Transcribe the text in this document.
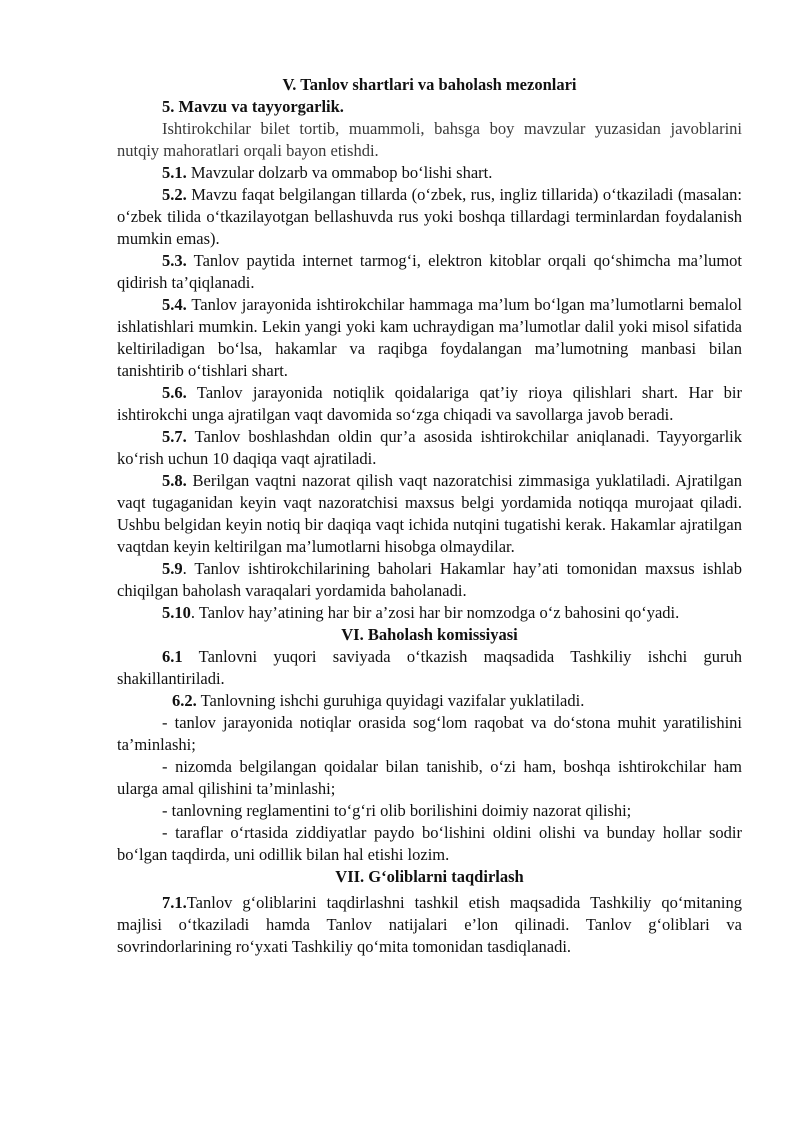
V. Tanlov shartlari va baholash mezonlari

5. Mavzu va tayyorgarlik.

Ishtirokchilar bilet tortib, muammoli, bahsga boy mavzular yuzasidan javoblarini nutqiy mahoratlari orqali bayon etishdi.

5.1. Mavzular dolzarb va ommabop bo‘lishi shart.

5.2. Mavzu faqat belgilangan tillarda (o‘zbek, rus, ingliz tillarida) o‘tkaziladi (masalan: o‘zbek tilida o‘tkazilayotgan bellashuvda rus yoki boshqa tillardagi terminlardan foydalanish mumkin emas).

5.3. Tanlov paytida internet tarmog‘i, elektron kitoblar orqali qo‘shimcha ma’lumot qidirish ta’qiqlanadi.

5.4. Tanlov jarayonida ishtirokchilar hammaga ma’lum bo‘lgan ma’lumotlarni bemalol ishlatishlari mumkin. Lekin yangi yoki kam uchraydigan ma’lumotlar dalil yoki misol sifatida keltiriladigan bo‘lsa, hakamlar va raqibga foydalangan ma’lumotning manbasi bilan tanishtirib o‘tishlari shart.

5.6. Tanlov jarayonida notiqlik qoidalariga qat’iy rioya qilishlari shart. Har bir ishtirokchi unga ajratilgan vaqt davomida so‘zga chiqadi va savollarga javob beradi.

5.7. Tanlov boshlashdan oldin qur’a asosida ishtirokchilar aniqlanadi. Tayyorgarlik ko‘rish uchun 10 daqiqa vaqt ajratiladi.

5.8. Berilgan vaqtni nazorat qilish vaqt nazoratchisi zimmasiga yuklatiladi. Ajratilgan vaqt tugaganidan keyin vaqt nazoratchisi maxsus belgi yordamida notiqqa murojaat qiladi. Ushbu belgidan keyin notiq bir daqiqa vaqt ichida nutqini tugatishi kerak. Hakamlar ajratilgan vaqtdan keyin keltirilgan ma’lumotlarni hisobga olmaydilar.

5.9. Tanlov ishtirokchilarining baholari Hakamlar hay’ati tomonidan maxsus ishlab chiqilgan baholash varaqalari yordamida baholanadi.

5.10. Tanlov hay’atining har bir a’zosi har bir nomzodga o‘z bahosini qo‘yadi.

VI. Baholash komissiyasi

6.1 Tanlovni yuqori saviyada o‘tkazish maqsadida Tashkiliy ishchi guruh shakillantiriladi.

6.2. Tanlovning ishchi guruhiga quyidagi vazifalar yuklatiladi.

- tanlov jarayonida notiqlar orasida sog‘lom raqobat va do‘stona muhit yaratilishini ta’minlashi;

- nizomda belgilangan qoidalar bilan tanishib, o‘zi ham, boshqa ishtirokchilar ham ularga amal qilishini ta’minlashi;

- tanlovning reglamentini to‘g‘ri olib borilishini doimiy nazorat qilishi;

- taraflar o‘rtasida ziddiyatlar paydo bo‘lishini oldini olishi va bunday hollar sodir bo‘lgan taqdirda, uni odillik bilan hal etishi lozim.

VII. G‘oliblarni taqdirlash

7.1.Tanlov g‘oliblarini taqdirlashni tashkil etish maqsadida Tashkiliy qo‘mitaning majlisi o‘tkaziladi hamda Tanlov natijalari e’lon qilinadi. Tanlov g‘oliblari va sovrindorlarining ro‘yxati Tashkiliy qo‘mita tomonidan tasdiqlanadi.
